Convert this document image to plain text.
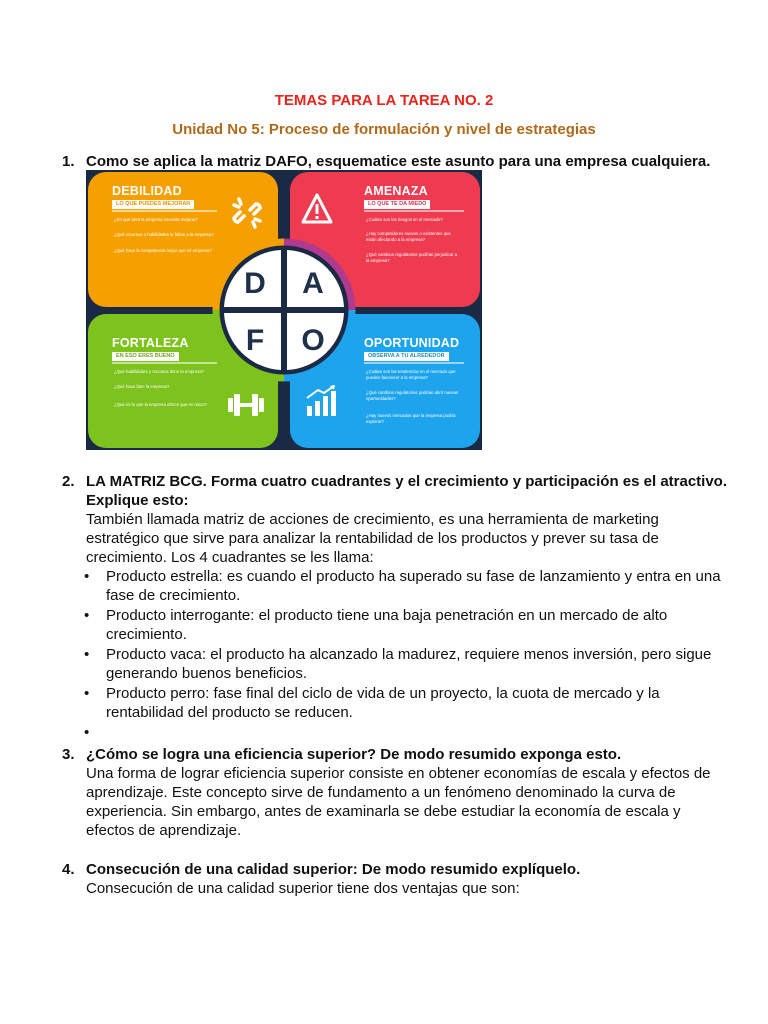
TEMAS PARA LA TAREA NO. 2
Unidad No 5: Proceso de formulación y nivel de estrategias
1. Como se aplica la matriz DAFO, esquematice este asunto para una empresa cualquiera.
DEBILIDAD
LO QUE PUEDES MEJORAR
¿En qué área la empresa necesita mejorar?
¿Qué recursos o habilidades le faltan a la empresa?
¿Qué hace la competencia mejor que mi empresa?
AMENAZA
LO QUE TE DA MIEDO
¿Cuáles son los riesgos en el mercado?
¿Hay competidores nuevos o existentes que están afectando a la empresa?
¿Qué cambios regulatorios podrían perjudicar a la empresa?
FORTALEZA
EN ESO ERES BUENO
¿Qué habilidades y recursos tiene la empresa?
¿Qué hace bien la empresa?
¿Qué es lo que la empresa ofrece que es único?
OPORTUNIDAD
OBSERVA A TU ALREDEDOR
¿Cuáles son las tendencias en el mercado que pueden favorecer a la empresa?
¿Qué cambios regulatorios podrían abrir nuevas oportunidades?
¿Hay nuevos mercados que la empresa podría explorar?
D	A
F	O
2. LA MATRIZ BCG. Forma cuatro cuadrantes y el crecimiento y participación es el atractivo. Explique esto:
También llamada matriz de acciones de crecimiento, es una herramienta de marketing estratégico que sirve para analizar la rentabilidad de los productos y prever su tasa de crecimiento. Los 4 cuadrantes se les llama:
• Producto estrella: es cuando el producto ha superado su fase de lanzamiento y entra en una fase de crecimiento.
• Producto interrogante: el producto tiene una baja penetración en un mercado de alto crecimiento.
• Producto vaca: el producto ha alcanzado la madurez, requiere menos inversión, pero sigue generando buenos beneficios.
• Producto perro: fase final del ciclo de vida de un proyecto, la cuota de mercado y la rentabilidad del producto se reducen.
•
3. ¿Cómo se logra una eficiencia superior? De modo resumido exponga esto.
Una forma de lograr eficiencia superior consiste en obtener economías de escala y efectos de aprendizaje. Este concepto sirve de fundamento a un fenómeno denominado la curva de experiencia. Sin embargo, antes de examinarla se debe estudiar la economía de escala y efectos de aprendizaje.
4. Consecución de una calidad superior: De modo resumido explíquelo.
Consecución de una calidad superior tiene dos ventajas que son:
